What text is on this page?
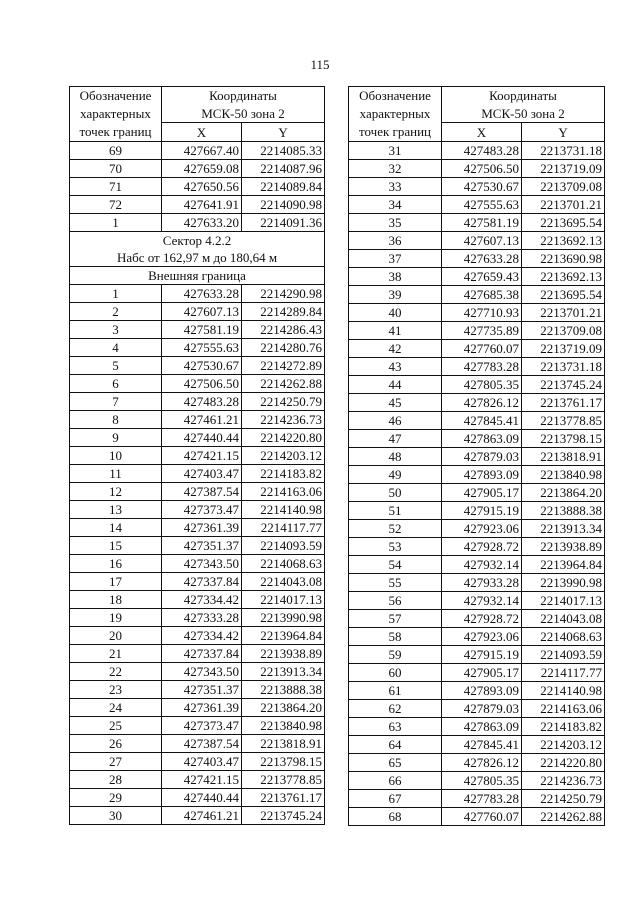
115
Обозначение
характерных
точек границ	Координаты	
	МСК-50 зона 2	
	X	Y
69	427667.40	2214085.33
70	427659.08	2214087.96
71	427650.56	2214089.84
72	427641.91	2214090.98
1	427633.20	2214091.36
Сектор 4.2.2		
Набс от 162,97 м до 180,64 м		
Внешняя граница		
1	427633.28	2214290.98
2	427607.13	2214289.84
3	427581.19	2214286.43
4	427555.63	2214280.76
5	427530.67	2214272.89
6	427506.50	2214262.88
7	427483.28	2214250.79
8	427461.21	2214236.73
9	427440.44	2214220.80
10	427421.15	2214203.12
11	427403.47	2214183.82
12	427387.54	2214163.06
13	427373.47	2214140.98
14	427361.39	2214117.77
15	427351.37	2214093.59
16	427343.50	2214068.63
17	427337.84	2214043.08
18	427334.42	2214017.13
19	427333.28	2213990.98
20	427334.42	2213964.84
21	427337.84	2213938.89
22	427343.50	2213913.34
23	427351.37	2213888.38
24	427361.39	2213864.20
25	427373.47	2213840.98
26	427387.54	2213818.91
27	427403.47	2213798.15
28	427421.15	2213778.85
29	427440.44	2213761.17
30	427461.21	2213745.24
Обозначение
характерных
точек границ	Координаты	
	МСК-50 зона 2	
	X	Y
31	427483.28	2213731.18
32	427506.50	2213719.09
33	427530.67	2213709.08
34	427555.63	2213701.21
35	427581.19	2213695.54
36	427607.13	2213692.13
37	427633.28	2213690.98
38	427659.43	2213692.13
39	427685.38	2213695.54
40	427710.93	2213701.21
41	427735.89	2213709.08
42	427760.07	2213719.09
43	427783.28	2213731.18
44	427805.35	2213745.24
45	427826.12	2213761.17
46	427845.41	2213778.85
47	427863.09	2213798.15
48	427879.03	2213818.91
49	427893.09	2213840.98
50	427905.17	2213864.20
51	427915.19	2213888.38
52	427923.06	2213913.34
53	427928.72	2213938.89
54	427932.14	2213964.84
55	427933.28	2213990.98
56	427932.14	2214017.13
57	427928.72	2214043.08
58	427923.06	2214068.63
59	427915.19	2214093.59
60	427905.17	2214117.77
61	427893.09	2214140.98
62	427879.03	2214163.06
63	427863.09	2214183.82
64	427845.41	2214203.12
65	427826.12	2214220.80
66	427805.35	2214236.73
67	427783.28	2214250.79
68	427760.07	2214262.88
